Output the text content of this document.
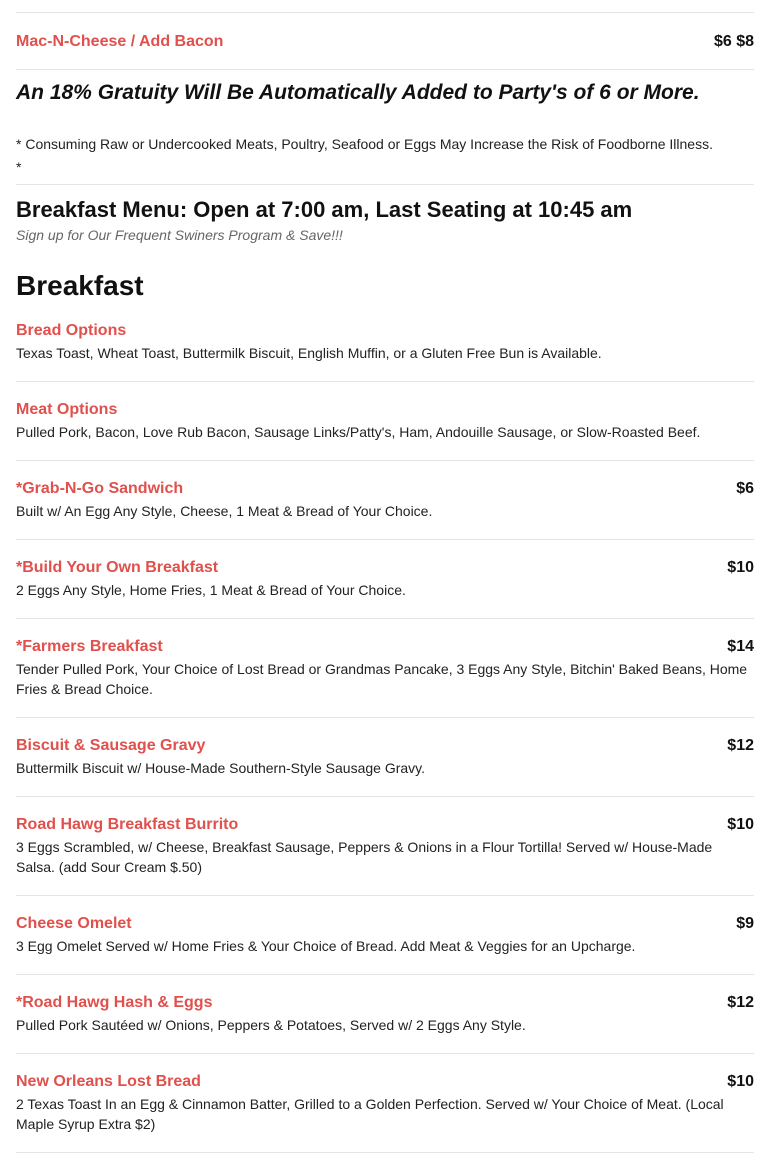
Mac-N-Cheese / Add Bacon	$6 $8
An 18% Gratuity Will Be Automatically Added to Party's of 6 or More.
* Consuming Raw or Undercooked Meats, Poultry, Seafood or Eggs May Increase the Risk of Foodborne Illness.
*
Breakfast Menu: Open at 7:00 am, Last Seating at 10:45 am
Sign up for Our Frequent Swiners Program & Save!!!
Breakfast
Bread Options
Texas Toast, Wheat Toast, Buttermilk Biscuit, English Muffin, or a Gluten Free Bun is Available.
Meat Options
Pulled Pork, Bacon, Love Rub Bacon, Sausage Links/Patty's, Ham, Andouille Sausage, or Slow-Roasted Beef.
*Grab-N-Go Sandwich	$6
Built w/ An Egg Any Style, Cheese, 1 Meat & Bread of Your Choice.
*Build Your Own Breakfast	$10
2 Eggs Any Style, Home Fries, 1 Meat & Bread of Your Choice.
*Farmers Breakfast	$14
Tender Pulled Pork, Your Choice of Lost Bread or Grandmas Pancake, 3 Eggs Any Style, Bitchin' Baked Beans, Home Fries & Bread Choice.
Biscuit & Sausage Gravy	$12
Buttermilk Biscuit w/ House-Made Southern-Style Sausage Gravy.
Road Hawg Breakfast Burrito	$10
3 Eggs Scrambled, w/ Cheese, Breakfast Sausage, Peppers & Onions in a Flour Tortilla! Served w/ House-Made Salsa. (add Sour Cream $.50)
Cheese Omelet	$9
3 Egg Omelet Served w/ Home Fries & Your Choice of Bread. Add Meat & Veggies for an Upcharge.
*Road Hawg Hash & Eggs	$12
Pulled Pork Sautéed w/ Onions, Peppers & Potatoes, Served w/ 2 Eggs Any Style.
New Orleans Lost Bread	$10
2 Texas Toast In an Egg & Cinnamon Batter, Grilled to a Golden Perfection. Served w/ Your Choice of Meat. (Local Maple Syrup Extra $2)
